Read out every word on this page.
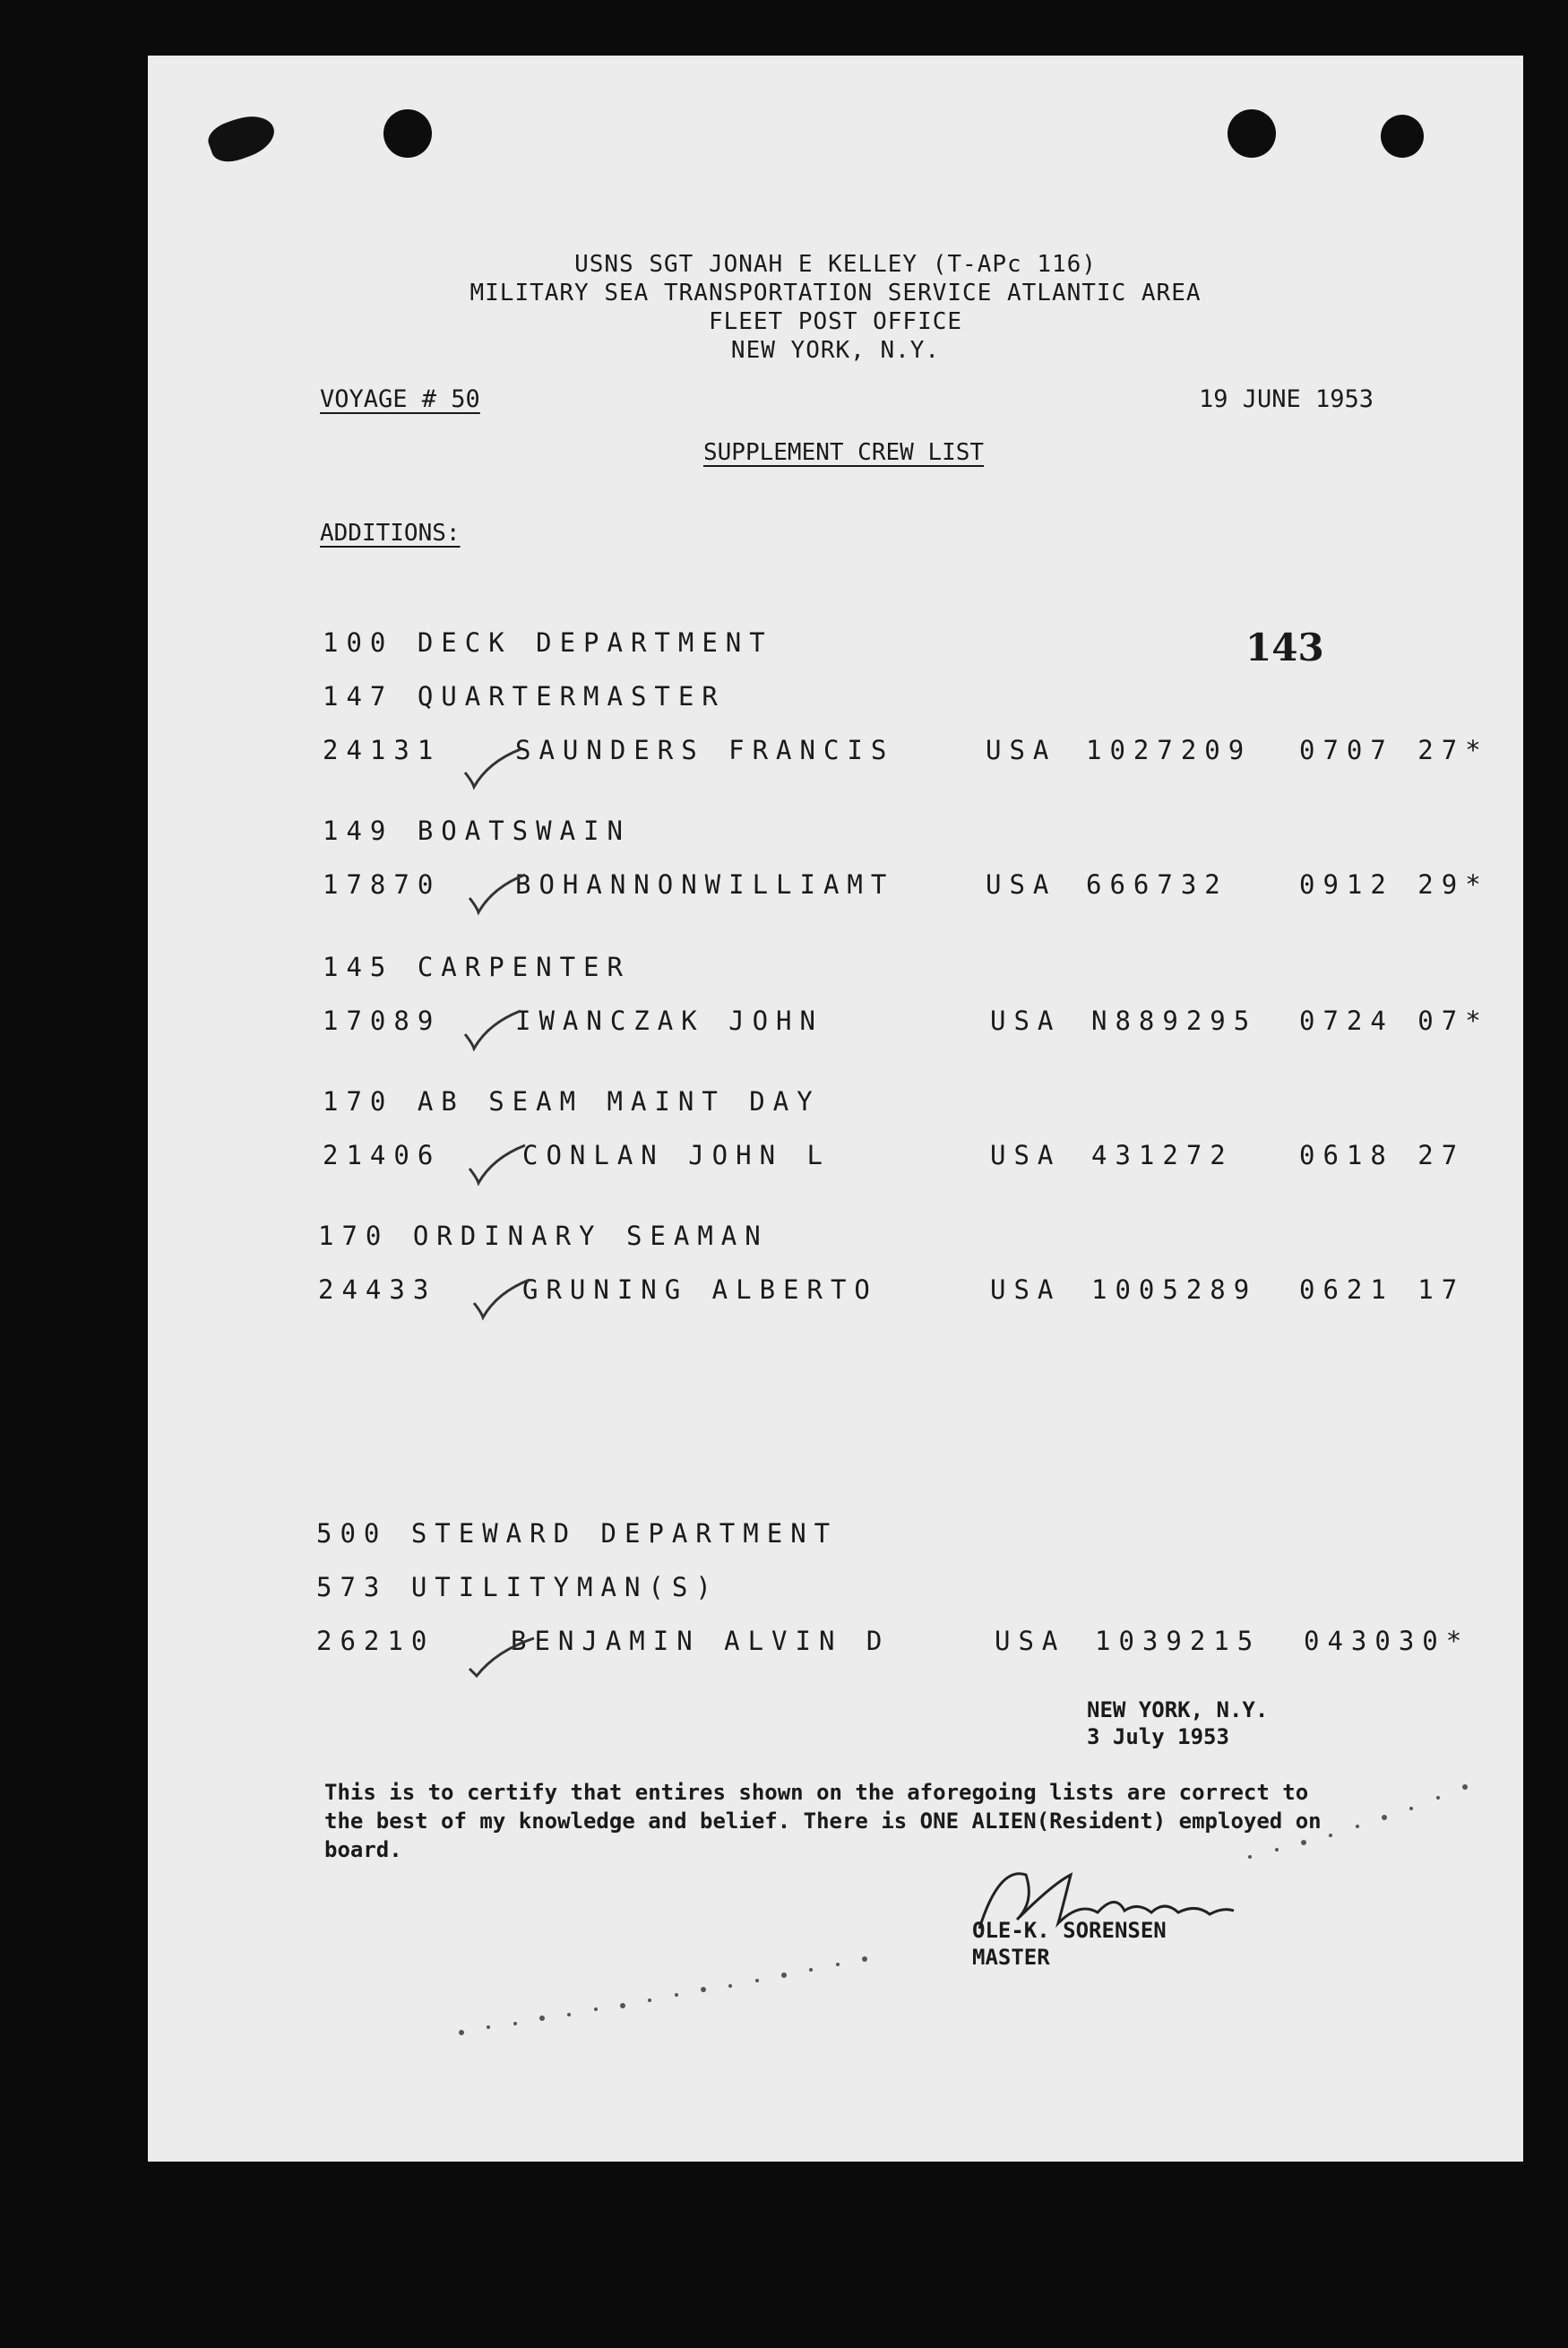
USNS SGT JONAH E KELLEY (T-APc 116)
MILITARY SEA TRANSPORTATION SERVICE ATLANTIC AREA
FLEET POST OFFICE
NEW YORK, N.Y.
VOYAGE # 50	19 JUNE 1953
SUPPLEMENT CREW LIST
ADDITIONS:
143
100 DECK DEPARTMENT
147 QUARTERMASTER
24131	SAUNDERS FRANCIS	USA 1027209 0707 27*
149 BOATSWAIN
17870	BOHANNONWILLIAMT	USA 666732	0912 29*
145 CARPENTER
17089	IWANCZAK JOHN	USA N889295 0724 07*
170 AB SEAM MAINT DAY
21406	CONLAN JOHN L	USA 431272	0618 27
170 ORDINARY SEAMAN
24433	GRUNING ALBERTO	USA 1005289 0621 17
500 STEWARD DEPARTMENT
573 UTILITYMAN(S)
26210	BENJAMIN ALVIN D	USA 1039215 043030*
NEW YORK, N.Y.
3 July 1953
This is to certify that entires shown on the aforegoing lists are correct to the best of my knowledge and belief. There is ONE ALIEN(Resident) employed on board.
OLE-K. SORENSEN
MASTER
